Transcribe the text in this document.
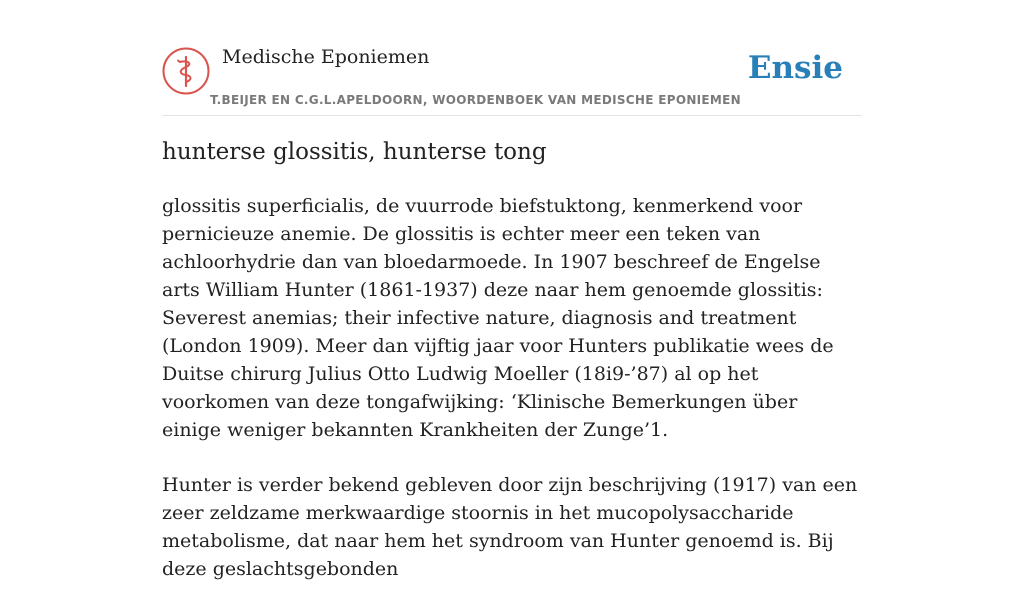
Medische Eponiemen
T.BEIJER EN C.G.L.APELDOORN, WOORDENBOEK VAN MEDISCHE EPONIEMEN
Ensie
hunterse glossitis, hunterse tong

glossitis superficialis, de vuurrode biefstuktong, kenmerkend voor pernicieuze anemie. De glossitis is echter meer een teken van achloorhydrie dan van bloedarmoede. In 1907 beschreef de Engelse arts William Hunter (1861-1937) deze naar hem genoemde glossitis: Severest anemias; their infective nature, diagnosis and treatment (London 1909). Meer dan vijftig jaar voor Hunters publikatie wees de Duitse chirurg Julius Otto Ludwig Moeller (18i9-’87) al op het voorkomen van deze tongafwijking: ‘Klinische Bemerkungen über einige weniger bekannten Krankheiten der Zunge’1.

Hunter is verder bekend gebleven door zijn beschrijving (1917) van een zeer zeldzame merkwaardige stoornis in het mucopolysaccharide metabolisme, dat naar hem het syndroom van Hunter genoemd is. Bij deze geslachtsgebonden
